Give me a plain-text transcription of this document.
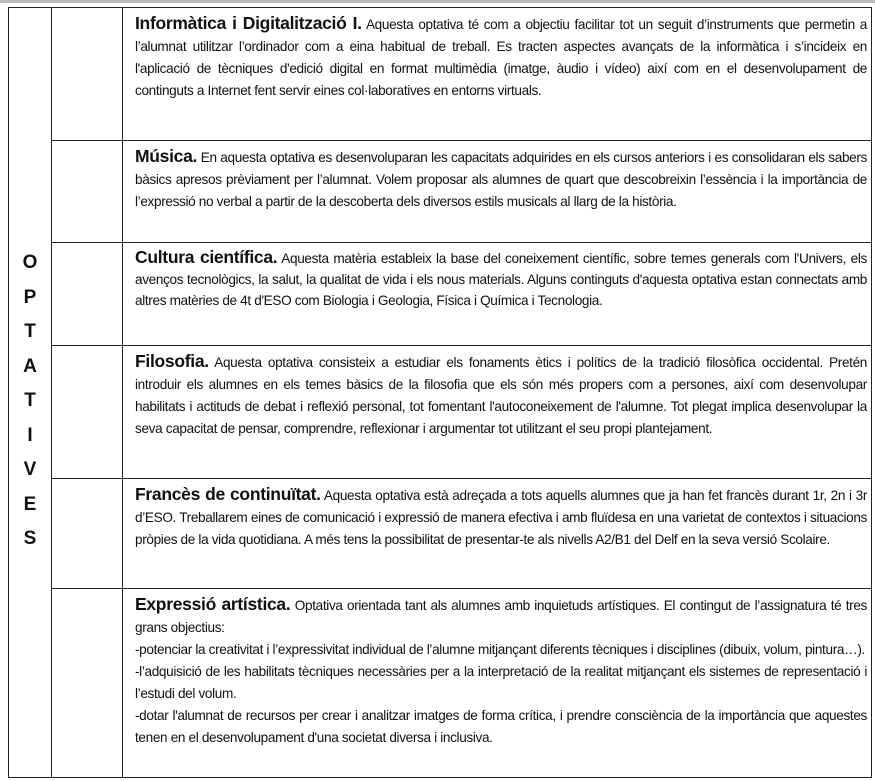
O
P
T
A
T
I
V
E
S
Informàtica i Digitalització I. Aquesta optativa té com a objectiu facilitar tot un seguit d’instruments que permetin a l’alumnat utilitzar l’ordinador com a eina habitual de treball. Es tracten aspectes avançats de la informàtica i s’incideix en l'aplicació de tècniques d'edició digital en format multimèdia (imatge, àudio i vídeo) així com en el desenvolupament de continguts a Internet fent servir eines col·laboratives en entorns virtuals.
Música. En aquesta optativa es desenvoluparan les capacitats adquirides en els cursos anteriors i es consolidaran els sabers bàsics apresos prèviament per l’alumnat. Volem proposar als alumnes de quart que descobreixin l’essència i la importància de l’expressió no verbal a partir de la descoberta dels diversos estils musicals al llarg de la història.
Cultura científica. Aquesta matèria estableix la base del coneixement científic, sobre temes generals com l'Univers, els avenços tecnològics, la salut, la qualitat de vida i els nous materials. Alguns continguts d'aquesta optativa estan connectats amb altres matèries de 4t d'ESO com Biologia i Geologia, Física i Química i Tecnologia.
Filosofia. Aquesta optativa consisteix a estudiar els fonaments ètics i polítics de la tradició filosòfica occidental. Pretén introduir els alumnes en els temes bàsics de la filosofia que els són més propers com a persones, així com desenvolupar habilitats i actituds de debat i reflexió personal, tot fomentant l'autoconeixement de l'alumne. Tot plegat implica desenvolupar la seva capacitat de pensar, comprendre, reflexionar i argumentar tot utilitzant el seu propi plantejament.
Francès de continuïtat. Aquesta optativa està adreçada a tots aquells alumnes que ja han fet francès durant 1r, 2n i 3r d’ESO. Treballarem eines de comunicació i expressió de manera efectiva i amb fluïdesa en una varietat de contextos i situacions pròpies de la vida quotidiana. A més tens la possibilitat de presentar-te als nivells A2/B1 del Delf en la seva versió Scolaire.

Expressió artística. Optativa orientada tant als alumnes amb inquietuds artístiques. El contingut de l’assignatura té tres grans objectius:

-potenciar la creativitat i l’expressivitat individual de l’alumne mitjançant diferents tècniques i disciplines (dibuix, volum, pintura…).

-l’adquisició de les habilitats tècniques necessàries per a la interpretació de la realitat mitjançant els sistemes de representació i l’estudi del volum.

-dotar l'alumnat de recursos per crear i analitzar imatges de forma crítica, i prendre consciència de la importància que aquestes tenen en el desenvolupament d'una societat diversa i inclusiva.
